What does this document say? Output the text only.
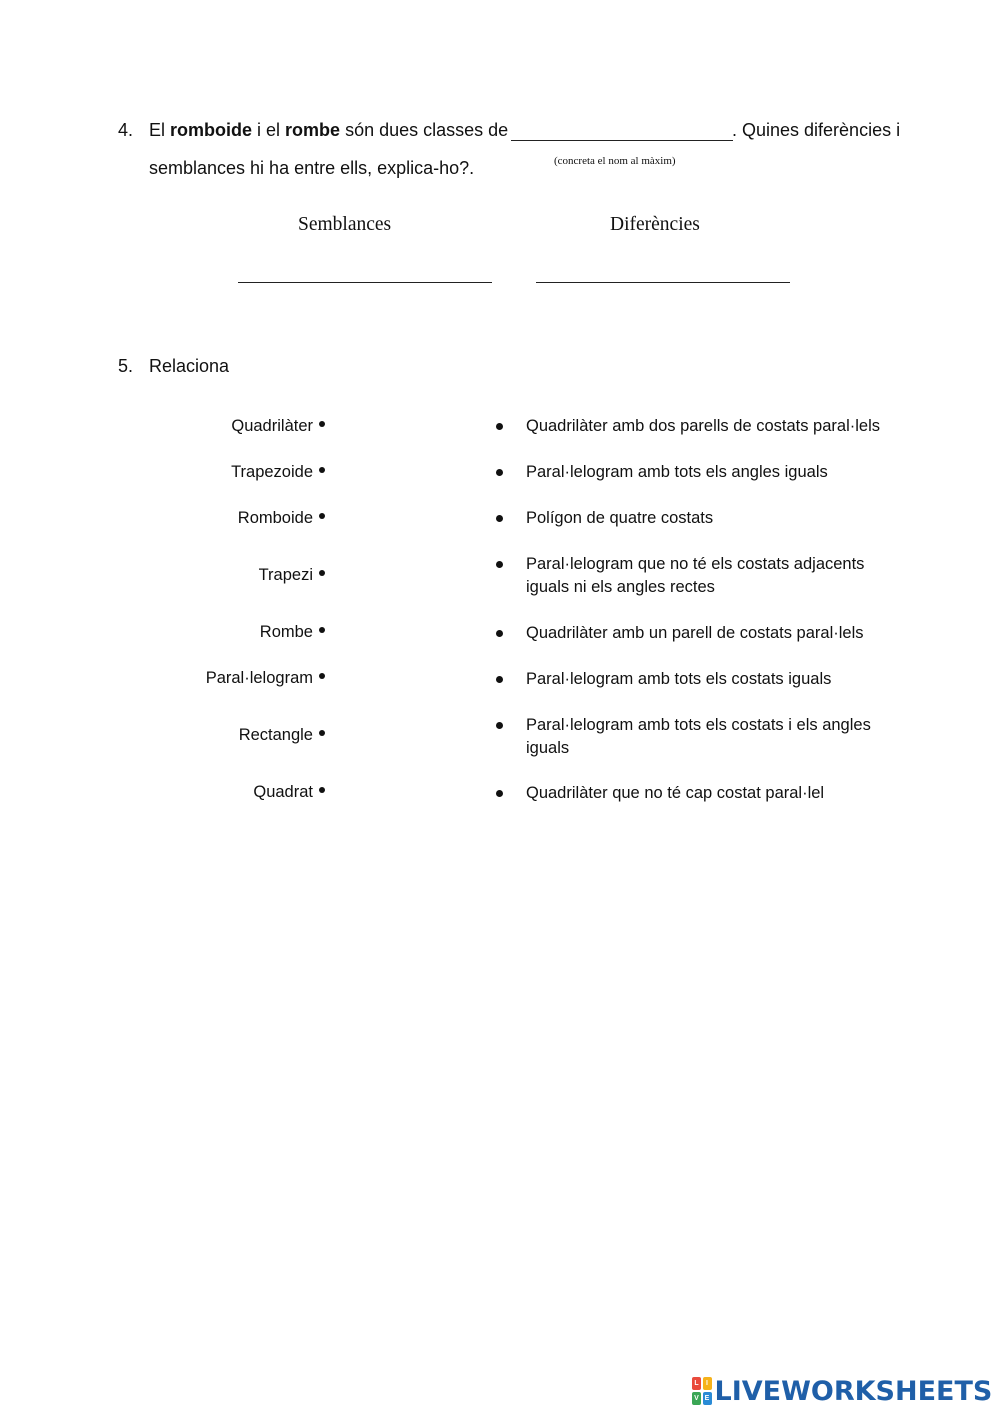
4. El romboide i el rombe són dues classes de	. Quines diferències i
semblances hi ha entre ells, explica-ho?.	(concreta el nom al màxim)
Semblances	Diferències
5. Relaciona
Quadrilàter
Trapezoide
Romboide
Trapezi
Rombe
Paral·lelogram
Rectangle
Quadrat
Quadrilàter amb dos parells de costats paral·lels
Paral·lelogram amb tots els angles iguals
Polígon de quatre costats
Paral·lelogram que no té els costats adjacents iguals ni els angles rectes
Quadrilàter amb un parell de costats paral·lels
Paral·lelogram amb tots els costats iguals
Paral·lelogram amb tots els costats i els angles iguals
Quadrilàter que no té cap costat paral·lel
L	I
V E LIVEWORKSHEETS
